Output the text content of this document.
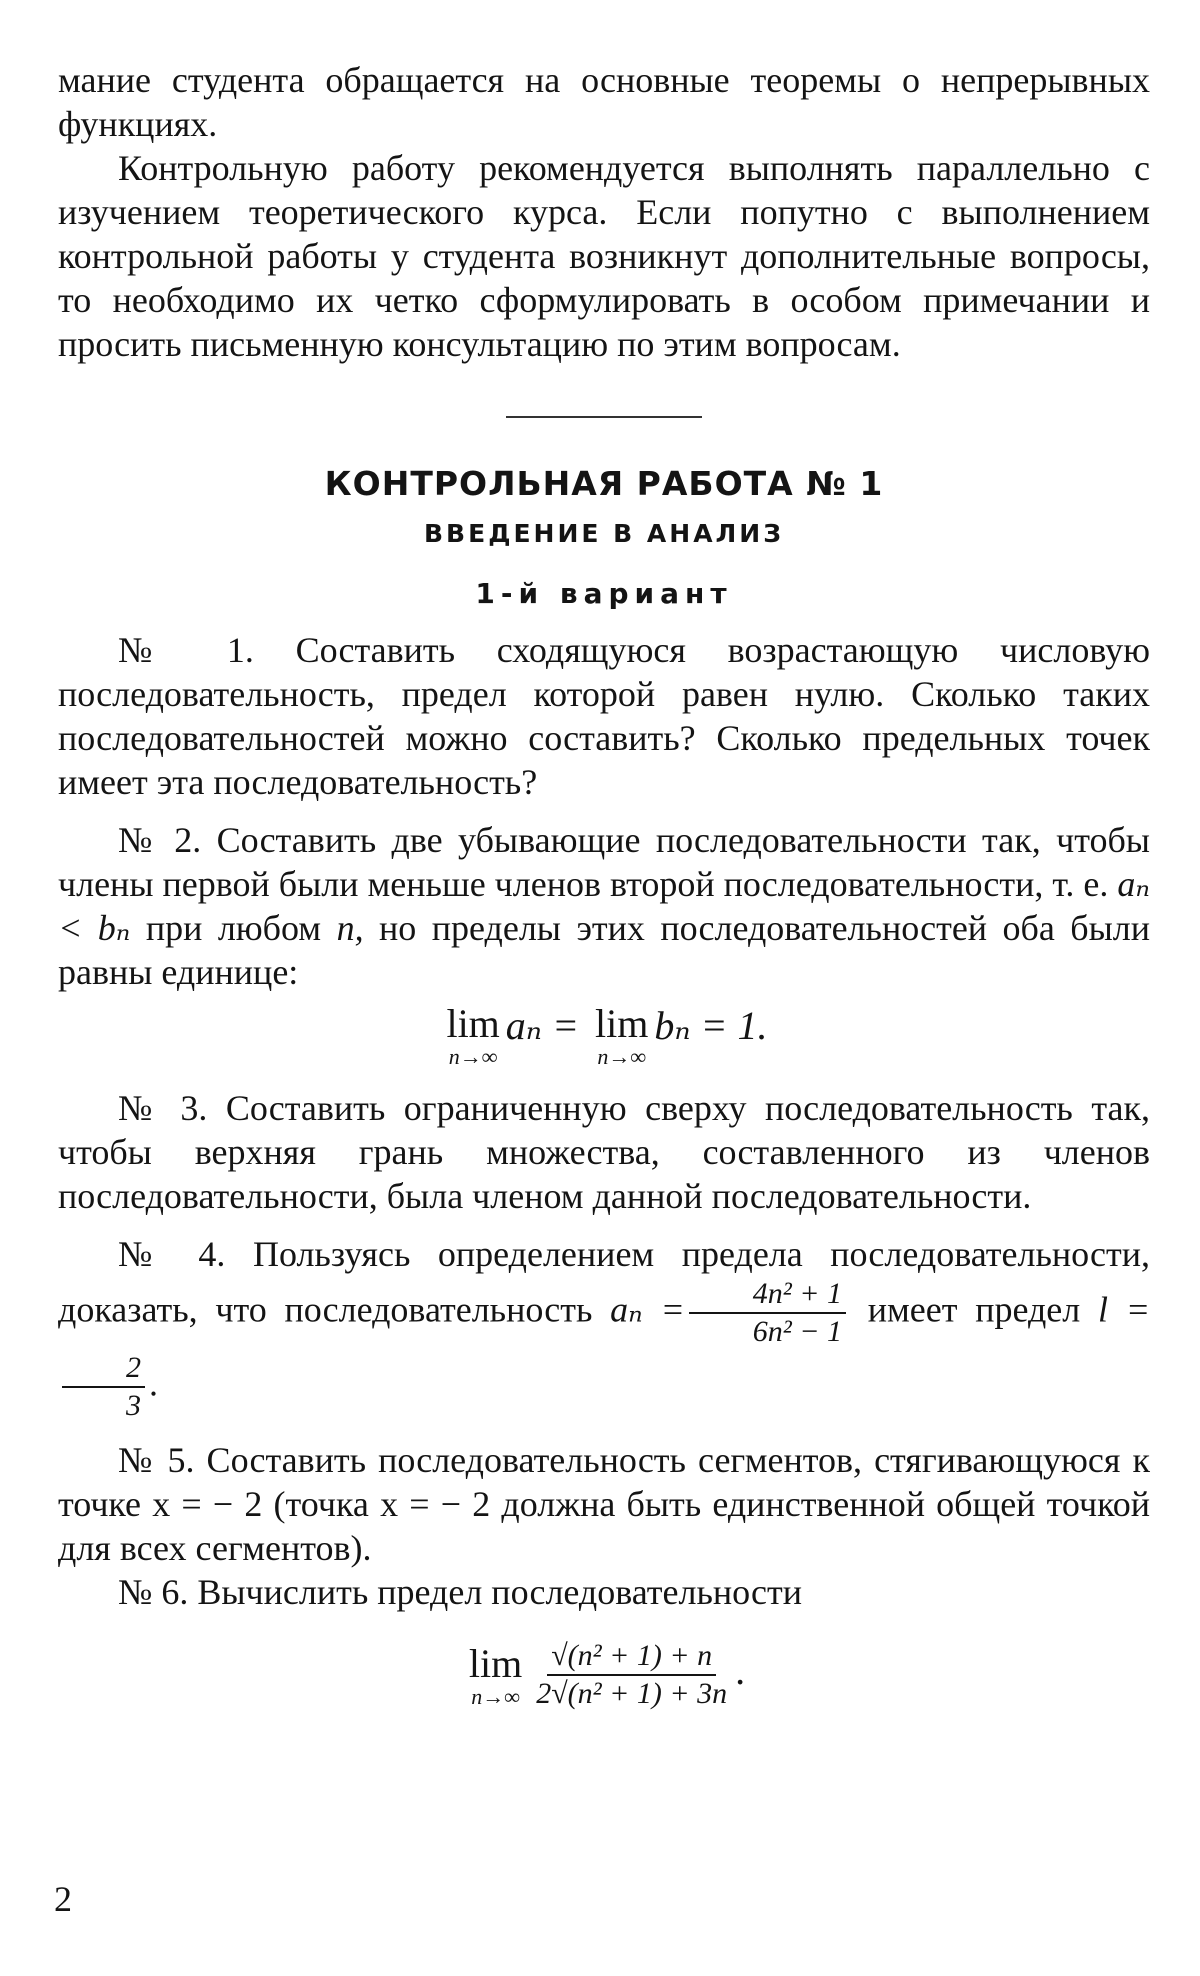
мание студента обращается на основные теоремы о непрерывных функциях.

Контрольную работу рекомендуется выполнять параллельно с изучением теоретического курса. Если попутно с выполнением контрольной работы у студента возникнут дополнительные вопросы, то необходимо их четко сформулировать в особом примечании и просить письменную консультацию по этим вопросам.

КОНТРОЛЬНАЯ РАБОТА № 1
ВВЕДЕНИЕ В АНАЛИЗ
1-й вариант

№ 1. Составить сходящуюся возрастающую числовую последовательность, предел которой равен нулю. Сколько таких последовательностей можно составить? Сколько предельных точек имеет эта последовательность?

№ 2. Составить две убывающие последовательности так, чтобы члены первой были меньше членов второй последовательности, т. е. aₙ < bₙ при любом n, но пределы этих последовательностей оба были равны единице:

lim
n→∞
aₙ = lim
n→∞
bₙ = 1.

№ 3. Составить ограниченную сверху последовательность так, чтобы верхняя грань множества, составленного из членов последовательности, была членом данной последовательности.

№ 4. Пользуясь определением предела последовательности, доказать, что последовательность $a_n = \frac{\text{4n² + 1}}{\text{6n² − 1}}$ имеет предел l =
$\frac{2}{3}$ .

№ 5. Составить последовательность сегментов, стягивающуюся к точке x = − 2 (точка x = − 2 должна быть единственной общей точкой для всех сегментов).

№ 6. Вычислить предел последовательности

lim
$n\to\infty \frac{\text{√(n² + 1) + n}}{\text{2√(n² + 1) + 3n}}$ .
2
